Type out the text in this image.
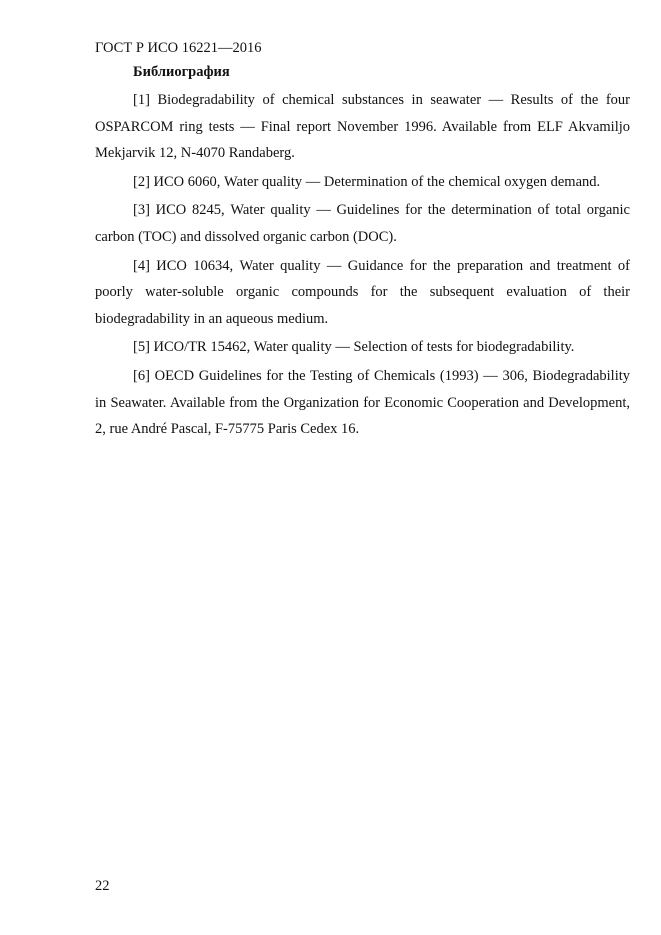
ГОСТ Р ИСО 16221—2016
Библиография
[1] Biodegradability of chemical substances in seawater — Results of the four OSPARCOM ring tests — Final report November 1996. Available from ELF Akvamiljo Mekjarvik 12, N-4070 Randaberg.
[2] ИСО 6060, Water quality — Determination of the chemical oxygen demand.
[3] ИСО 8245, Water quality — Guidelines for the determination of total organic carbon (TOC) and dissolved organic carbon (DOC).
[4] ИСО 10634, Water quality — Guidance for the preparation and treatment of poorly water-soluble organic compounds for the subsequent evaluation of their biodegradability in an aqueous medium.
[5] ИСО/TR 15462, Water quality — Selection of tests for biodegradability.
[6] OECD Guidelines for the Testing of Chemicals (1993) — 306, Biodegradability in Seawater. Available from the Organization for Economic Cooperation and Development, 2, rue André Pascal, F-75775 Paris Cedex 16.
22
